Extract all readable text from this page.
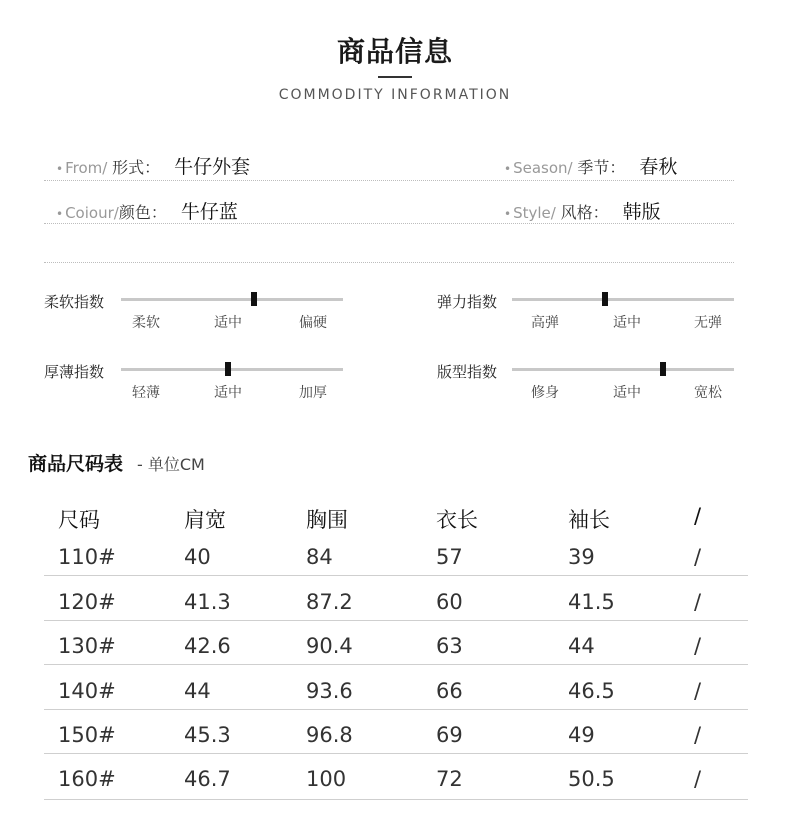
商品信息
COMMODITY INFORMATION
• From/ 形式： 牛仔外套	• Season/ 季节： 春秋
• Coiour/颜色： 牛仔蓝	• Style/ 风格： 韩版
柔软指数
柔软	适中	偏硬
弹力指数
高弹	适中	无弹
厚薄指数
轻薄	适中	加厚
版型指数
修身	适中	宽松
商品尺码表 - 单位CM
尺码	肩宽	胸围	衣长	袖长	/
110#	40	84	57	39	/
120#	41.3	87.2	60	41.5	/
130#	42.6	90.4	63	44	/
140#	44	93.6	66	46.5	/
150#	45.3	96.8	69	49	/
160#	46.7	100	72	50.5	/
